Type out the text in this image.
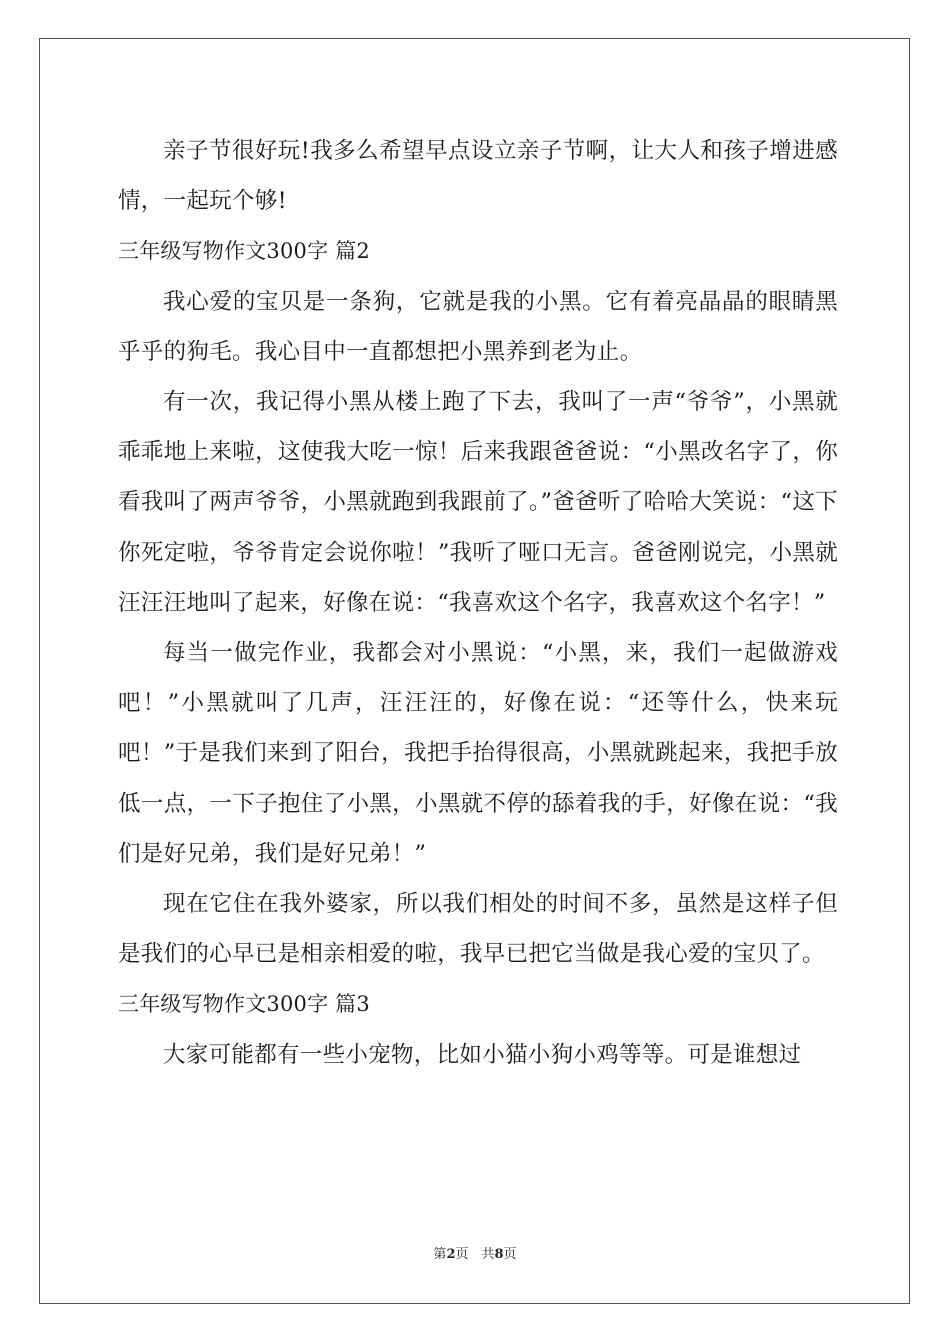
亲子节很好玩!我多么希望早点设立亲子节啊，让大人和孩子增进感情，一起玩个够!

三年级写物作文300字 篇2

我心爱的宝贝是一条狗，它就是我的小黑。它有着亮晶晶的眼睛黑乎乎的狗毛。我心目中一直都想把小黑养到老为止。

有一次，我记得小黑从楼上跑了下去，我叫了一声“爷爷”，小黑就乖乖地上来啦，这使我大吃一惊！后来我跟爸爸说：“小黑改名字了，你看我叫了两声爷爷，小黑就跑到我跟前了。”爸爸听了哈哈大笑说：“这下你死定啦，爷爷肯定会说你啦！”我听了哑口无言。爸爸刚说完，小黑就汪汪汪地叫了起来，好像在说：“我喜欢这个名字，我喜欢这个名字！”

每当一做完作业，我都会对小黑说：“小黑，来，我们一起做游戏吧！”小黑就叫了几声，汪汪汪的，好像在说：“还等什么，快来玩吧！”于是我们来到了阳台，我把手抬得很高，小黑就跳起来，我把手放低一点，一下子抱住了小黑，小黑就不停的舔着我的手，好像在说：“我们是好兄弟，我们是好兄弟！”

现在它住在我外婆家，所以我们相处的时间不多，虽然是这样子但是我们的心早已是相亲相爱的啦，我早已把它当做是我心爱的宝贝了。

三年级写物作文300字 篇3

大家可能都有一些小宠物，比如小猫小狗小鸡等等。可是谁想过

第2页　共8页
